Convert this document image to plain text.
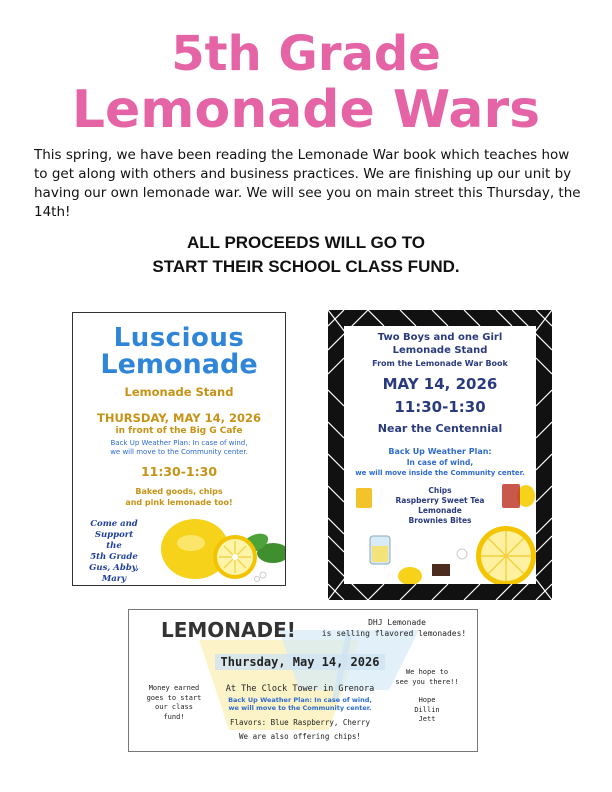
5th Grade
Lemonade Wars
This spring, we have been reading the Lemonade War book which teaches how to get along with others and business practices. We are finishing up our unit by having our own lemonade war. We will see you on main street this Thursday, the 14th!
ALL PROCEEDS WILL GO TO
START THEIR SCHOOL CLASS FUND.
Luscious
Lemonade
Lemonade Stand
THURSDAY, MAY 14, 2026
in front of the Big G Cafe
Back Up Weather Plan: In case of wind,
we will move to the Community center.
11:30-1:30
Baked goods, chips
and pink lemonade too!
Come and
Support
the
5th Grade
Gus, Abby, Mary
Two Boys and one Girl
Lemonade Stand
From the Lemonade War Book
MAY 14, 2026
11:30-1:30
Near the Centennial
Back Up Weather Plan:
In case of wind,
we will move inside the Community center.
Chips
Raspberry Sweet Tea
Lemonade
Brownies Bites
LEMONADE!	DHJ Lemonade
is selling flavored lemonades!
Thursday, May 14, 2026
Money earned
goes to start
our class
fund!
We hope to
see you there!!
Hope
Dillin
Jett
At The Clock Tower in Grenora
Back Up Weather Plan: In case of wind,
we will move to the Community center.
Flavors: Blue Raspberry, Cherry
We are also offering chips!
